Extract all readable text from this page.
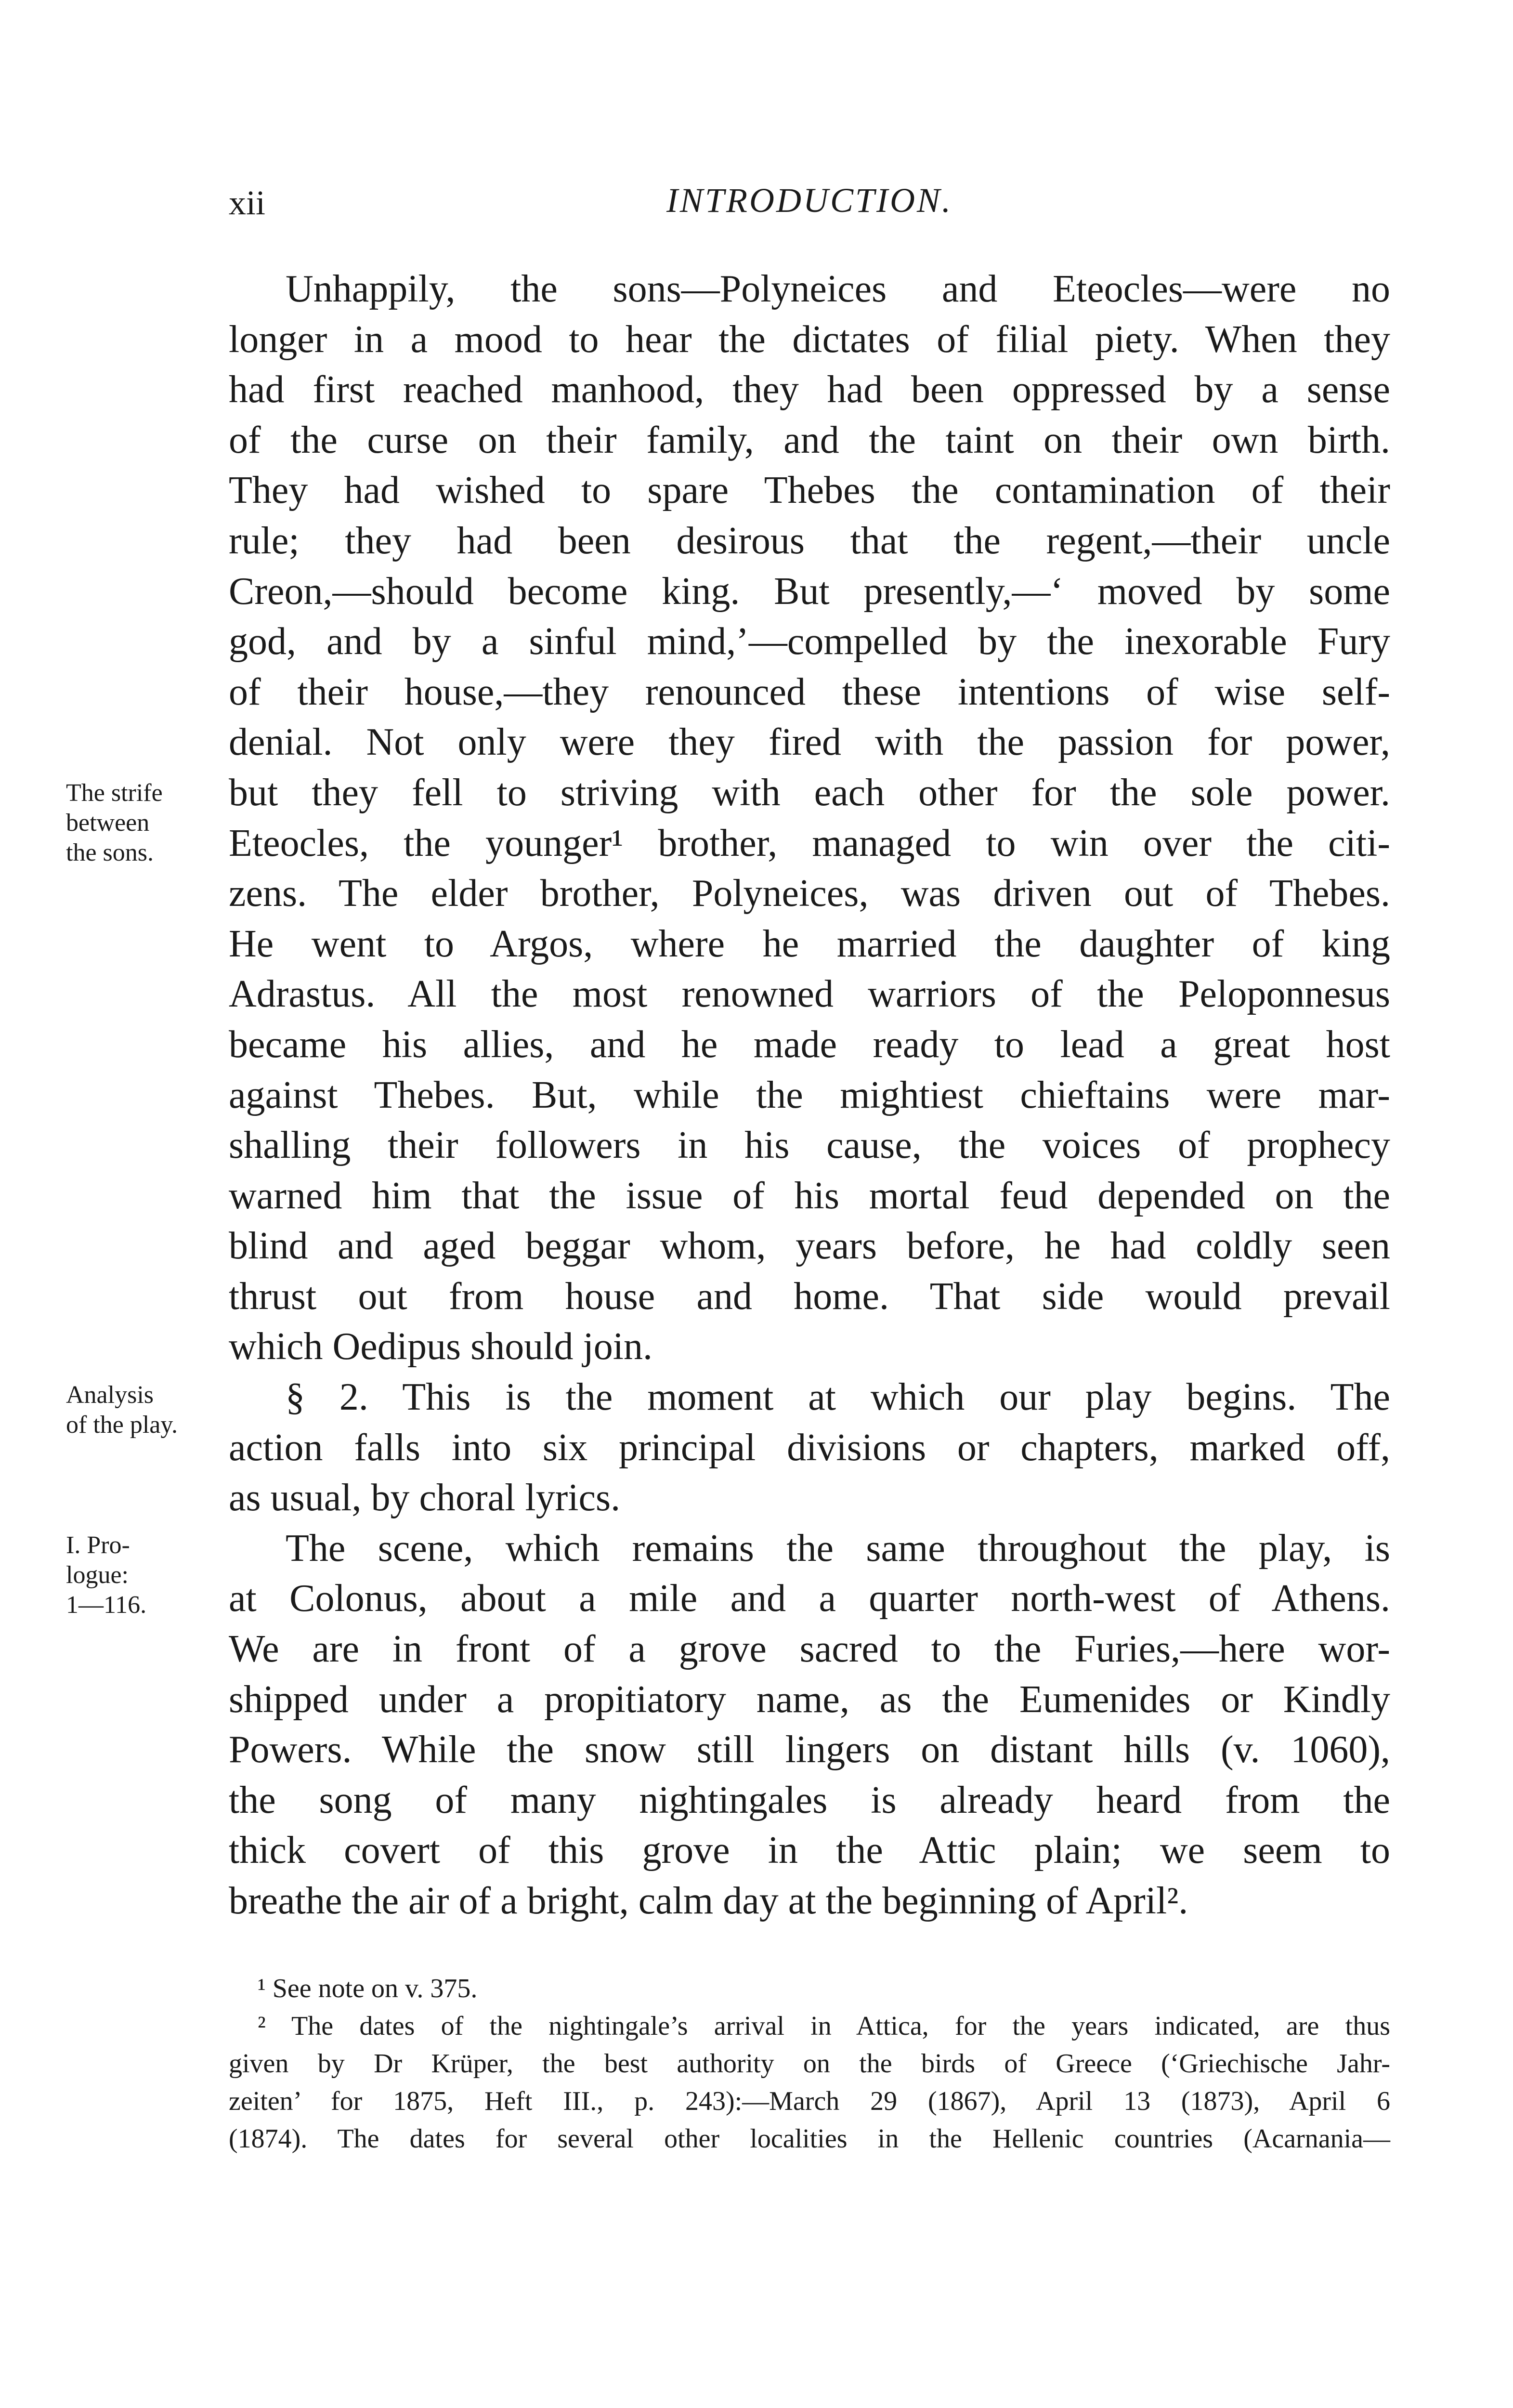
xii	INTRODUCTION.
Unhappily, the sons—Polyneices and Eteocles—were no
longer in a mood to hear the dictates of filial piety. When they
had first reached manhood, they had been oppressed by a sense
of the curse on their family, and the taint on their own birth.
They had wished to spare Thebes the contamination of their
rule; they had been desirous that the regent,—their uncle
Creon,—should become king. But presently,—‘ moved by some
god, and by a sinful mind,’—compelled by the inexorable Fury
of their house,—they renounced these intentions of wise self-
denial. Not only were they fired with the passion for power,
but they fell to striving with each other for the sole power.
Eteocles, the younger¹ brother, managed to win over the citi-
zens. The elder brother, Polyneices, was driven out of Thebes.
He went to Argos, where he married the daughter of king
Adrastus. All the most renowned warriors of the Peloponnesus
became his allies, and he made ready to lead a great host
against Thebes. But, while the mightiest chieftains were mar-
shalling their followers in his cause, the voices of prophecy
warned him that the issue of his mortal feud depended on the
blind and aged beggar whom, years before, he had coldly seen
thrust out from house and home. That side would prevail
which Oedipus should join.
§ 2. This is the moment at which our play begins. The
action falls into six principal divisions or chapters, marked off,
as usual, by choral lyrics.
The scene, which remains the same throughout the play, is
at Colonus, about a mile and a quarter north-west of Athens.
We are in front of a grove sacred to the Furies,—here wor-
shipped under a propitiatory name, as the Eumenides or Kindly
Powers. While the snow still lingers on distant hills (v. 1060),
the song of many nightingales is already heard from the
thick covert of this grove in the Attic plain; we seem to
breathe the air of a bright, calm day at the beginning of April².
The strife
between
the sons.
Analysis
of the play.
I. Pro-
logue:
1—116.
¹ See note on v. 375.
² The dates of the nightingale’s arrival in Attica, for the years indicated, are thus
given by Dr Krüper, the best authority on the birds of Greece (‘Griechische Jahr-
zeiten’ for 1875, Heft III., p. 243):—March 29 (1867), April 13 (1873), April 6
(1874). The dates for several other localities in the Hellenic countries (Acarnania—
